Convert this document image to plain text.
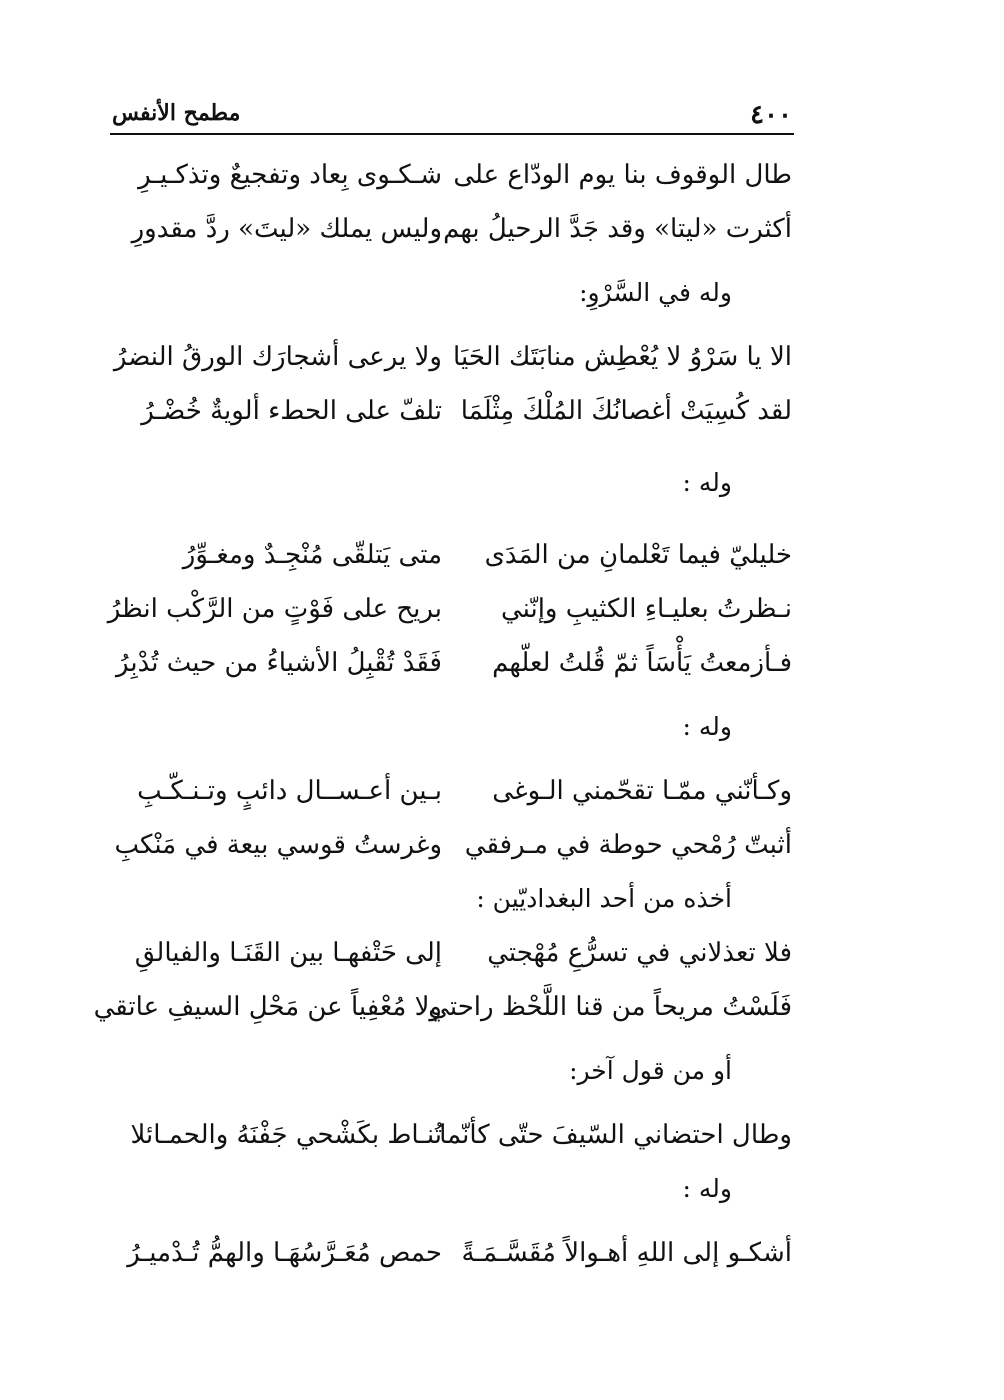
٤٠٠
مطمح الأنفس
طال الوقوف بنا يوم الودّاع على
شـكـوى بِعاد وتفجيعٌ وتذكـيـرِ
أكثرت «ليتا» وقد جَدَّ الرحيلُ بهم
وليس يملك «ليتَ» ردَّ مقدورِ
وله في السَّرْوِ:
الا يا سَرْوُ لا يُعْطِش منابَتَك الحَيَا
ولا يرعى أشجارَك الورقُ النضرُ
لقد كُسِيَتْ أغصانُكَ المُلْكَ مِثْلَمَا
تلفّ على الحطء ألويةٌ خُضْـرُ
وله :
خليليّ فيما تَعْلمانِ من المَدَى
متى يَتلقّى مُنْجِـدٌ ومغـوِّرُ
نـظرتُ بعليـاءِ الكثيبِ وإنّني
بريح على فَوْتٍ من الرَّكْب انظرُ
فـأزمعتُ يَأْسَاً ثمّ قُلتُ لعلّهم
فَقَدْ تُقْبِلُ الأشياءُ من حيث تُدْبِرُ
وله :
وكـأنّني ممّـا تقحّمني الـوغى
بـين أعـســال دائبٍ وتـنـكّـبِ
أثبتّ رُمْحي حوطة في مـرفقي
وغرستُ قوسي بيعة في مَنْكبِ
أخذه من أحد البغداديّين :
فلا تعذلاني في تسرُّعِ مُهْجتي
إلى حَتْفهـا بين القَنَـا والفيالقِ
فَلَسْتُ مريحاً من قنا اللَّحْظ راحتي
ولا مُعْفِياً عن مَحْلِ السيفِ عاتقي
أو من قول آخر:
وطال احتضاني السّيفَ حتّى كأنّما
تُنـاط بكَشْحي جَفْنَهُ والحمـائلا
وله :
أشكـو إلى اللهِ أهـوالاً مُقَسَّـمَـةً
حمص مُعَـرَّسُهَـا والهمُّ تُـدْميـرُ
